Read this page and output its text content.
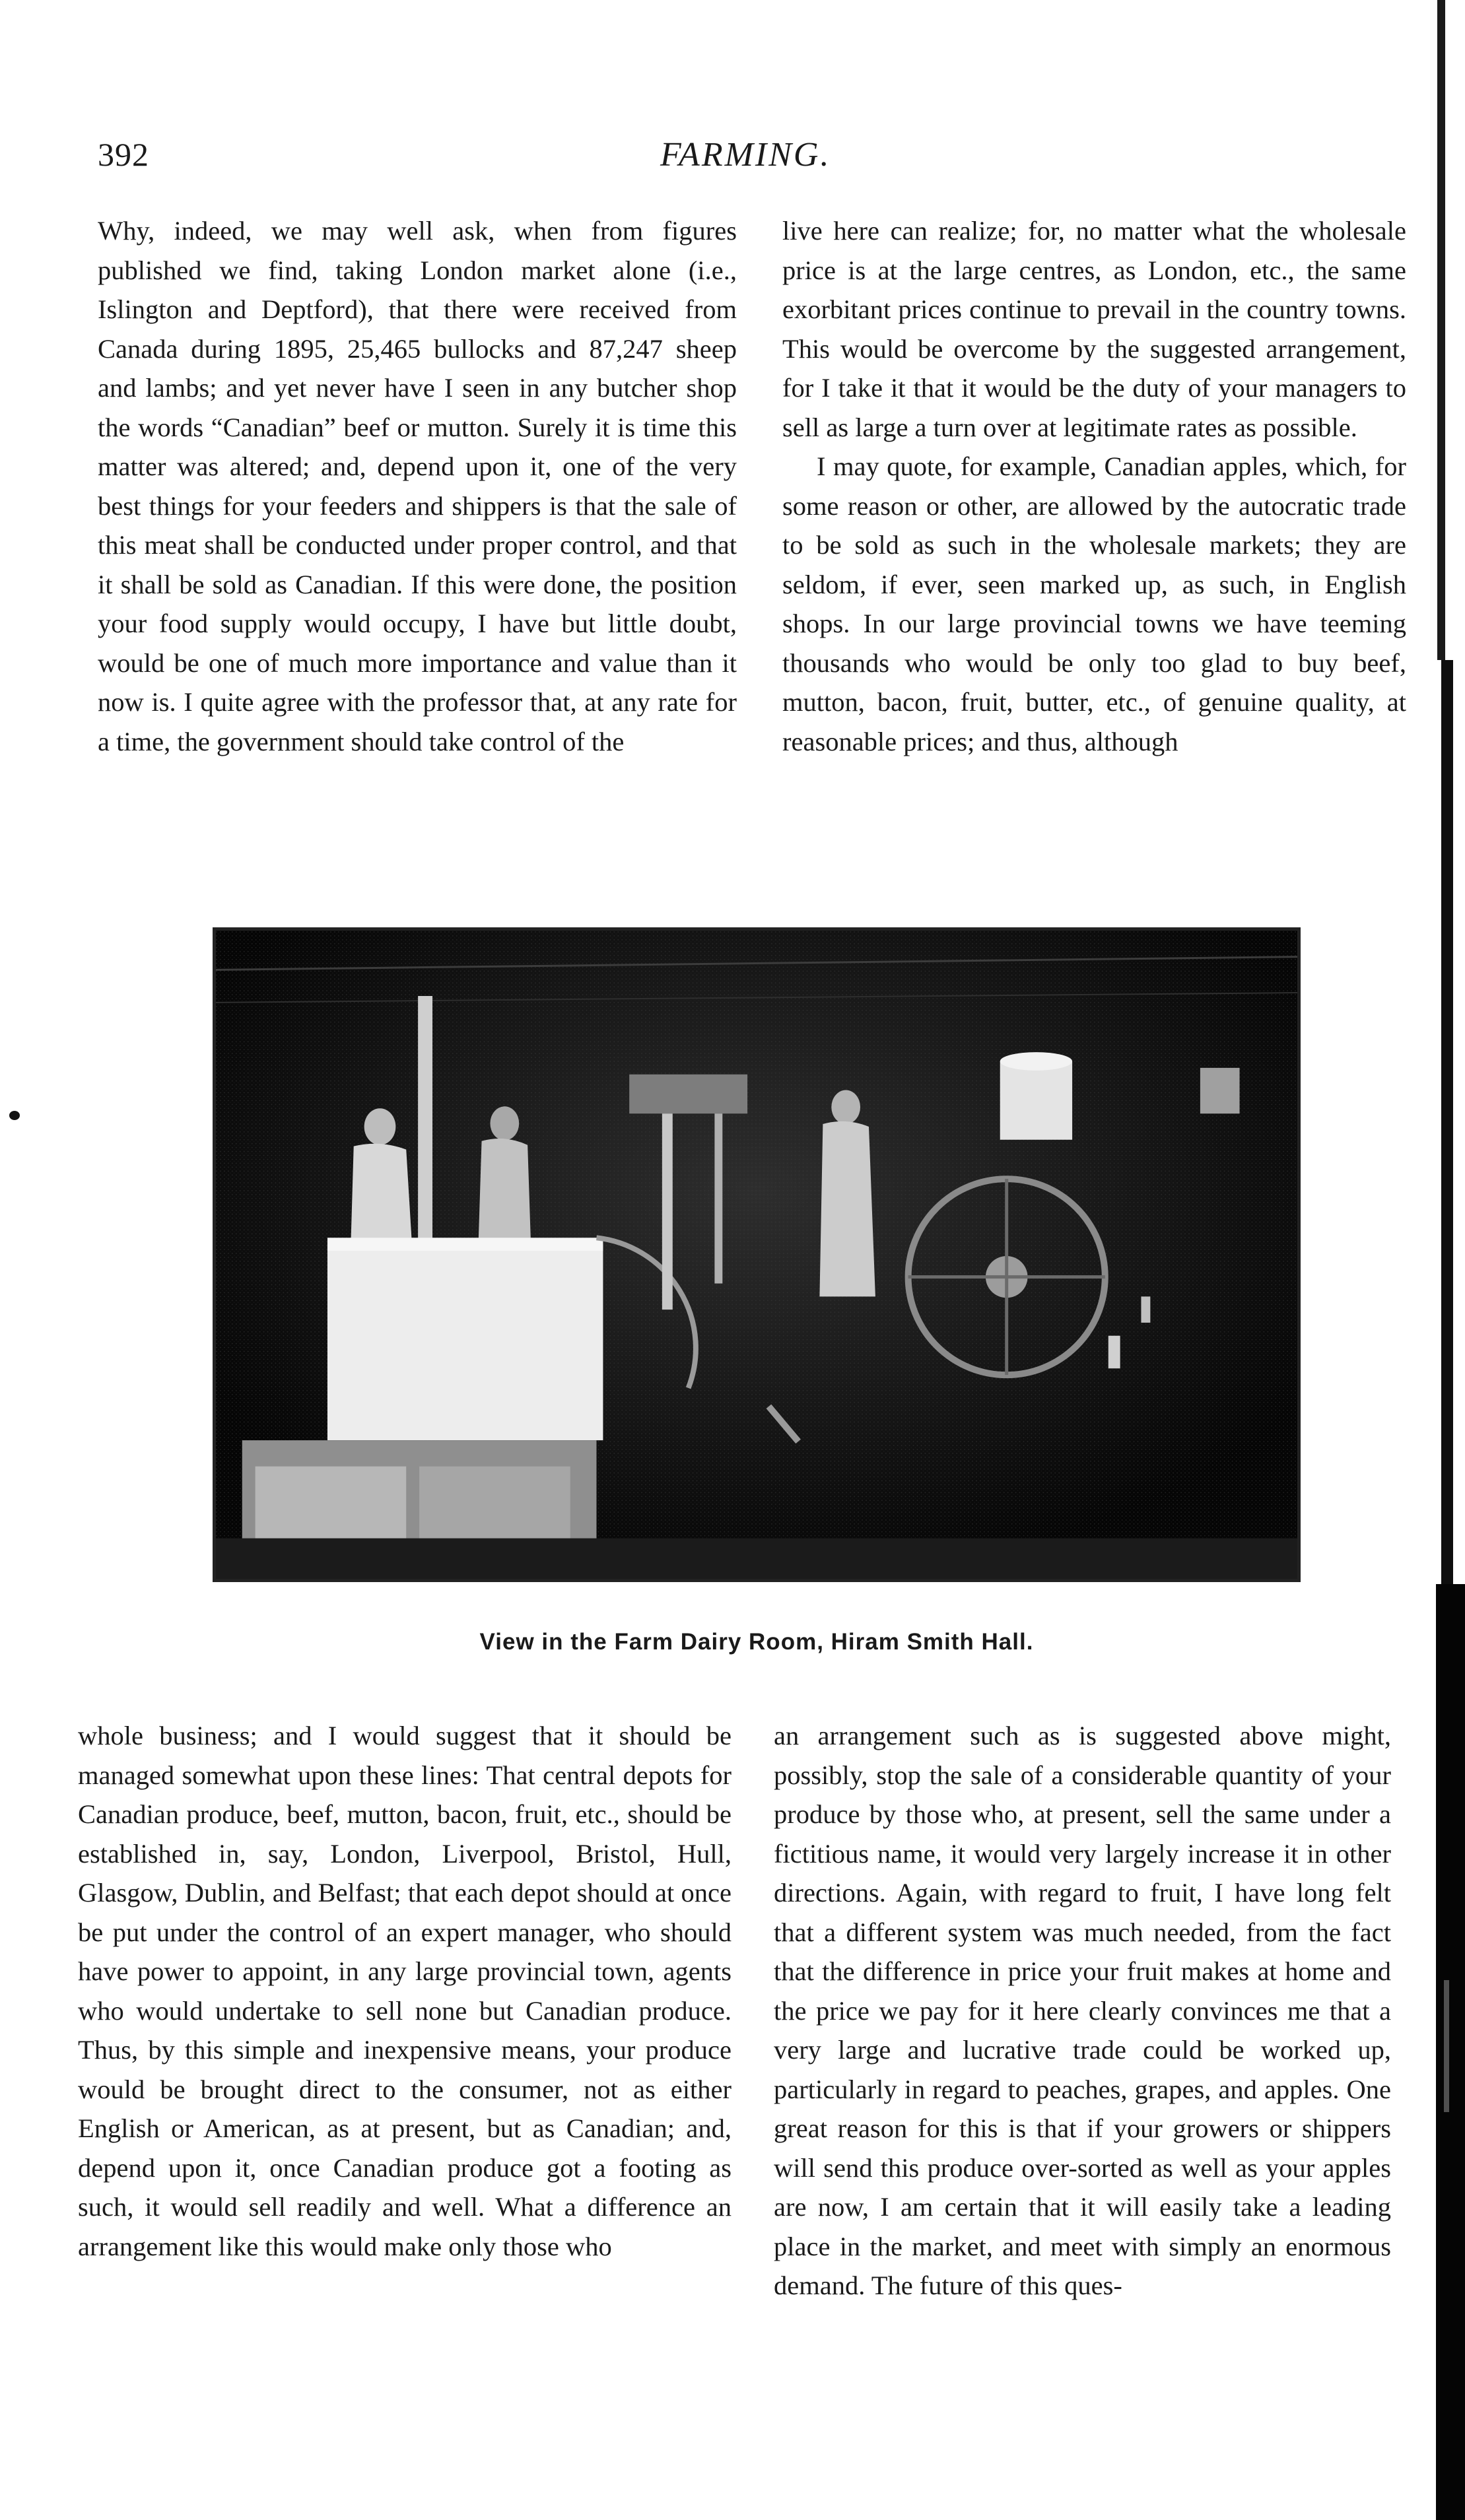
392	FARMING.

Why, indeed, we may well ask, when from figures published we find, taking London market alone (i.e., Islington and Deptford), that there were received from Canada during 1895, 25,465 bullocks and 87,247 sheep and lambs; and yet never have I seen in any butcher shop the words “Canadian” beef or mutton. Surely it is time this matter was altered; and, depend upon it, one of the very best things for your feeders and shippers is that the sale of this meat shall be conducted under proper control, and that it shall be sold as Canadian. If this were done, the position your food supply would occupy, I have but little doubt, would be one of much more importance and value than it now is. I quite agree with the professor that, at any rate for a time, the government should take control of the

live here can realize; for, no matter what the wholesale price is at the large centres, as London, etc., the same exorbitant prices continue to prevail in the country towns. This would be overcome by the suggested arrangement, for I take it that it would be the duty of your managers to sell as large a turn over at legitimate rates as possible.

I may quote, for example, Canadian apples, which, for some reason or other, are allowed by the autocratic trade to be sold as such in the wholesale markets; they are seldom, if ever, seen marked up, as such, in English shops. In our large provincial towns we have teeming thousands who would be only too glad to buy beef, mutton, bacon, fruit, butter, etc., of genuine quality, at reasonable prices; and thus, although

View in the Farm Dairy Room, Hiram Smith Hall.

whole business; and I would suggest that it should be managed somewhat upon these lines: That central depots for Canadian produce, beef, mutton, bacon, fruit, etc., should be established in, say, London, Liverpool, Bristol, Hull, Glasgow, Dublin, and Belfast; that each depot should at once be put under the control of an expert manager, who should have power to appoint, in any large provincial town, agents who would undertake to sell none but Canadian produce. Thus, by this simple and inexpensive means, your produce would be brought direct to the consumer, not as either English or American, as at present, but as Canadian; and, depend upon it, once Canadian produce got a footing as such, it would sell readily and well. What a difference an arrangement like this would make only those who

an arrangement such as is suggested above might, possibly, stop the sale of a considerable quantity of your produce by those who, at present, sell the same under a fictitious name, it would very largely increase it in other directions. Again, with regard to fruit, I have long felt that a different system was much needed, from the fact that the difference in price your fruit makes at home and the price we pay for it here clearly convinces me that a very large and lucrative trade could be worked up, particularly in regard to peaches, grapes, and apples. One great reason for this is that if your growers or shippers will send this produce over-sorted as well as your apples are now, I am certain that it will easily take a leading place in the market, and meet with simply an enormous demand. The future of this ques-
